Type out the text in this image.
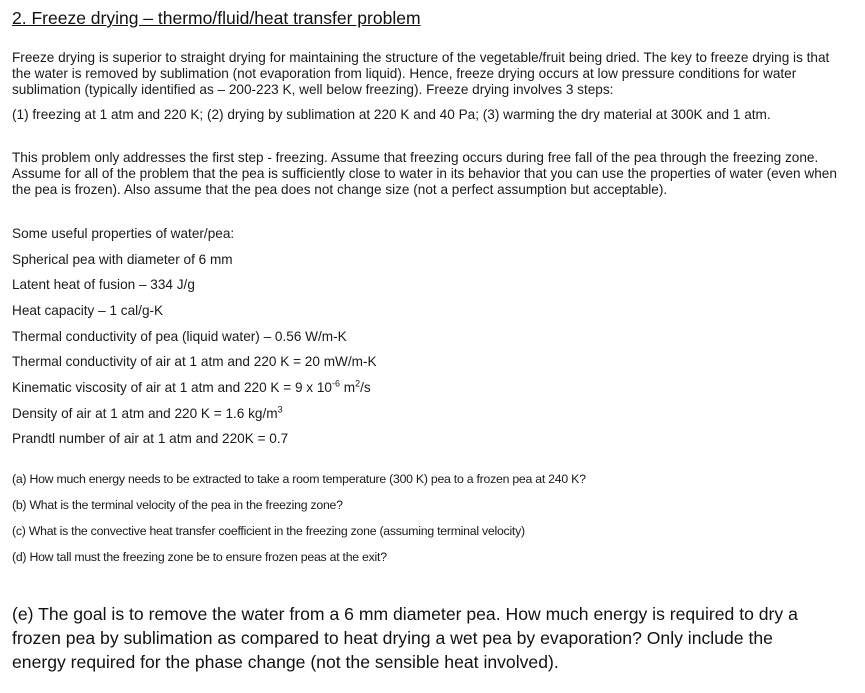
2. Freeze drying – thermo/fluid/heat transfer problem
Freeze drying is superior to straight drying for maintaining the structure of the vegetable/fruit being dried. The key to freeze drying is that the water is removed by sublimation (not evaporation from liquid). Hence, freeze drying occurs at low pressure conditions for water sublimation (typically identified as – 200-223 K, well below freezing). Freeze drying involves 3 steps:
(1) freezing at 1 atm and 220 K; (2) drying by sublimation at 220 K and 40 Pa; (3) warming the dry material at 300K and 1 atm.
This problem only addresses the first step - freezing. Assume that freezing occurs during free fall of the pea through the freezing zone. Assume for all of the problem that the pea is sufficiently close to water in its behavior that you can use the properties of water (even when the pea is frozen). Also assume that the pea does not change size (not a perfect assumption but acceptable).
Some useful properties of water/pea:
Spherical pea with diameter of 6 mm
Latent heat of fusion – 334 J/g
Heat capacity – 1 cal/g-K
Thermal conductivity of pea (liquid water) – 0.56 W/m-K
Thermal conductivity of air at 1 atm and 220 K = 20 mW/m-K
Kinematic viscosity of air at 1 atm and 220 K = 9 x $10^{-6}$ $m^2/s$
Density of air at 1 atm and 220 K = 1.6 $kg/m^3$
Prandtl number of air at 1 atm and 220K = 0.7
(a) How much energy needs to be extracted to take a room temperature (300 K) pea to a frozen pea at 240 K?
(b) What is the terminal velocity of the pea in the freezing zone?
(c) What is the convective heat transfer coefficient in the freezing zone (assuming terminal velocity)
(d) How tall must the freezing zone be to ensure frozen peas at the exit?
(e) The goal is to remove the water from a 6 mm diameter pea. How much energy is required to dry a frozen pea by sublimation as compared to heat drying a wet pea by evaporation? Only include the energy required for the phase change (not the sensible heat involved).
